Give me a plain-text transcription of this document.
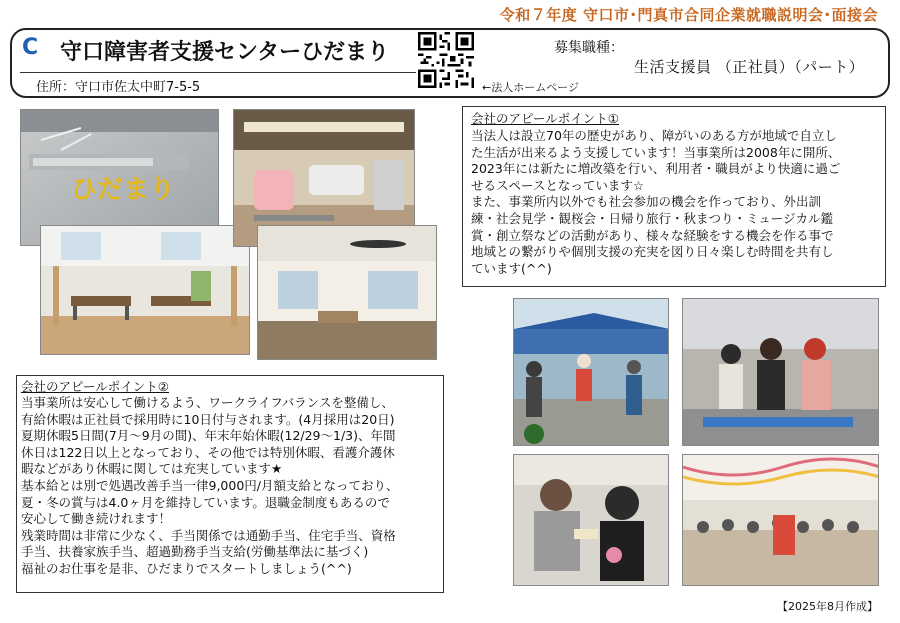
令和７年度 守口市･門真市合同企業就職説明会･面接会
C 守口障害者支援センターひだまり
住所：守口市佐太中町7-5-5	←法人ホームページ
募集職種：
生活支援員 （正社員）（パート）
ひだまり
会社のアピールポイント①
当法人は設立70年の歴史があり、障がいのある方が地域で自立し
た生活が出来るよう支援しています！当事業所は2008年に開所、
2023年には新たに増改築を行い、利用者・職員がより快適に過ご
せるスペースとなっています☆
また、事業所内以外でも社会参加の機会を作っており、外出訓
練・社会見学・観桜会・日帰り旅行・秋まつり・ミュージカル鑑
賞・創立祭などの活動があり、様々な経験をする機会を作る事で
地域との繋がりや個別支援の充実を図り日々楽しむ時間を共有し
ています(^^)
会社のアピールポイント②
当事業所は安心して働けるよう、ワークライフバランスを整備し、
有給休暇は正社員で採用時に10日付与されます。(4月採用は20日)
夏期休暇5日間(7月～9月の間)、年末年始休暇(12/29～1/3)、年間
休日は122日以上となっており、その他では特別休暇、看護介護休
暇などがあり休暇に関しては充実しています★
基本給とは別で処遇改善手当一律9,000円/月額支給となっており、
夏・冬の賞与は4.0ヶ月を維持しています。退職金制度もあるので
安心して働き続けれます！
残業時間は非常に少なく、手当関係では通勤手当、住宅手当、資格
手当、扶養家族手当、超過勤務手当支給(労働基準法に基づく)
福祉のお仕事を是非、ひだまりでスタートしましょう(^^)
【2025年8月作成】
